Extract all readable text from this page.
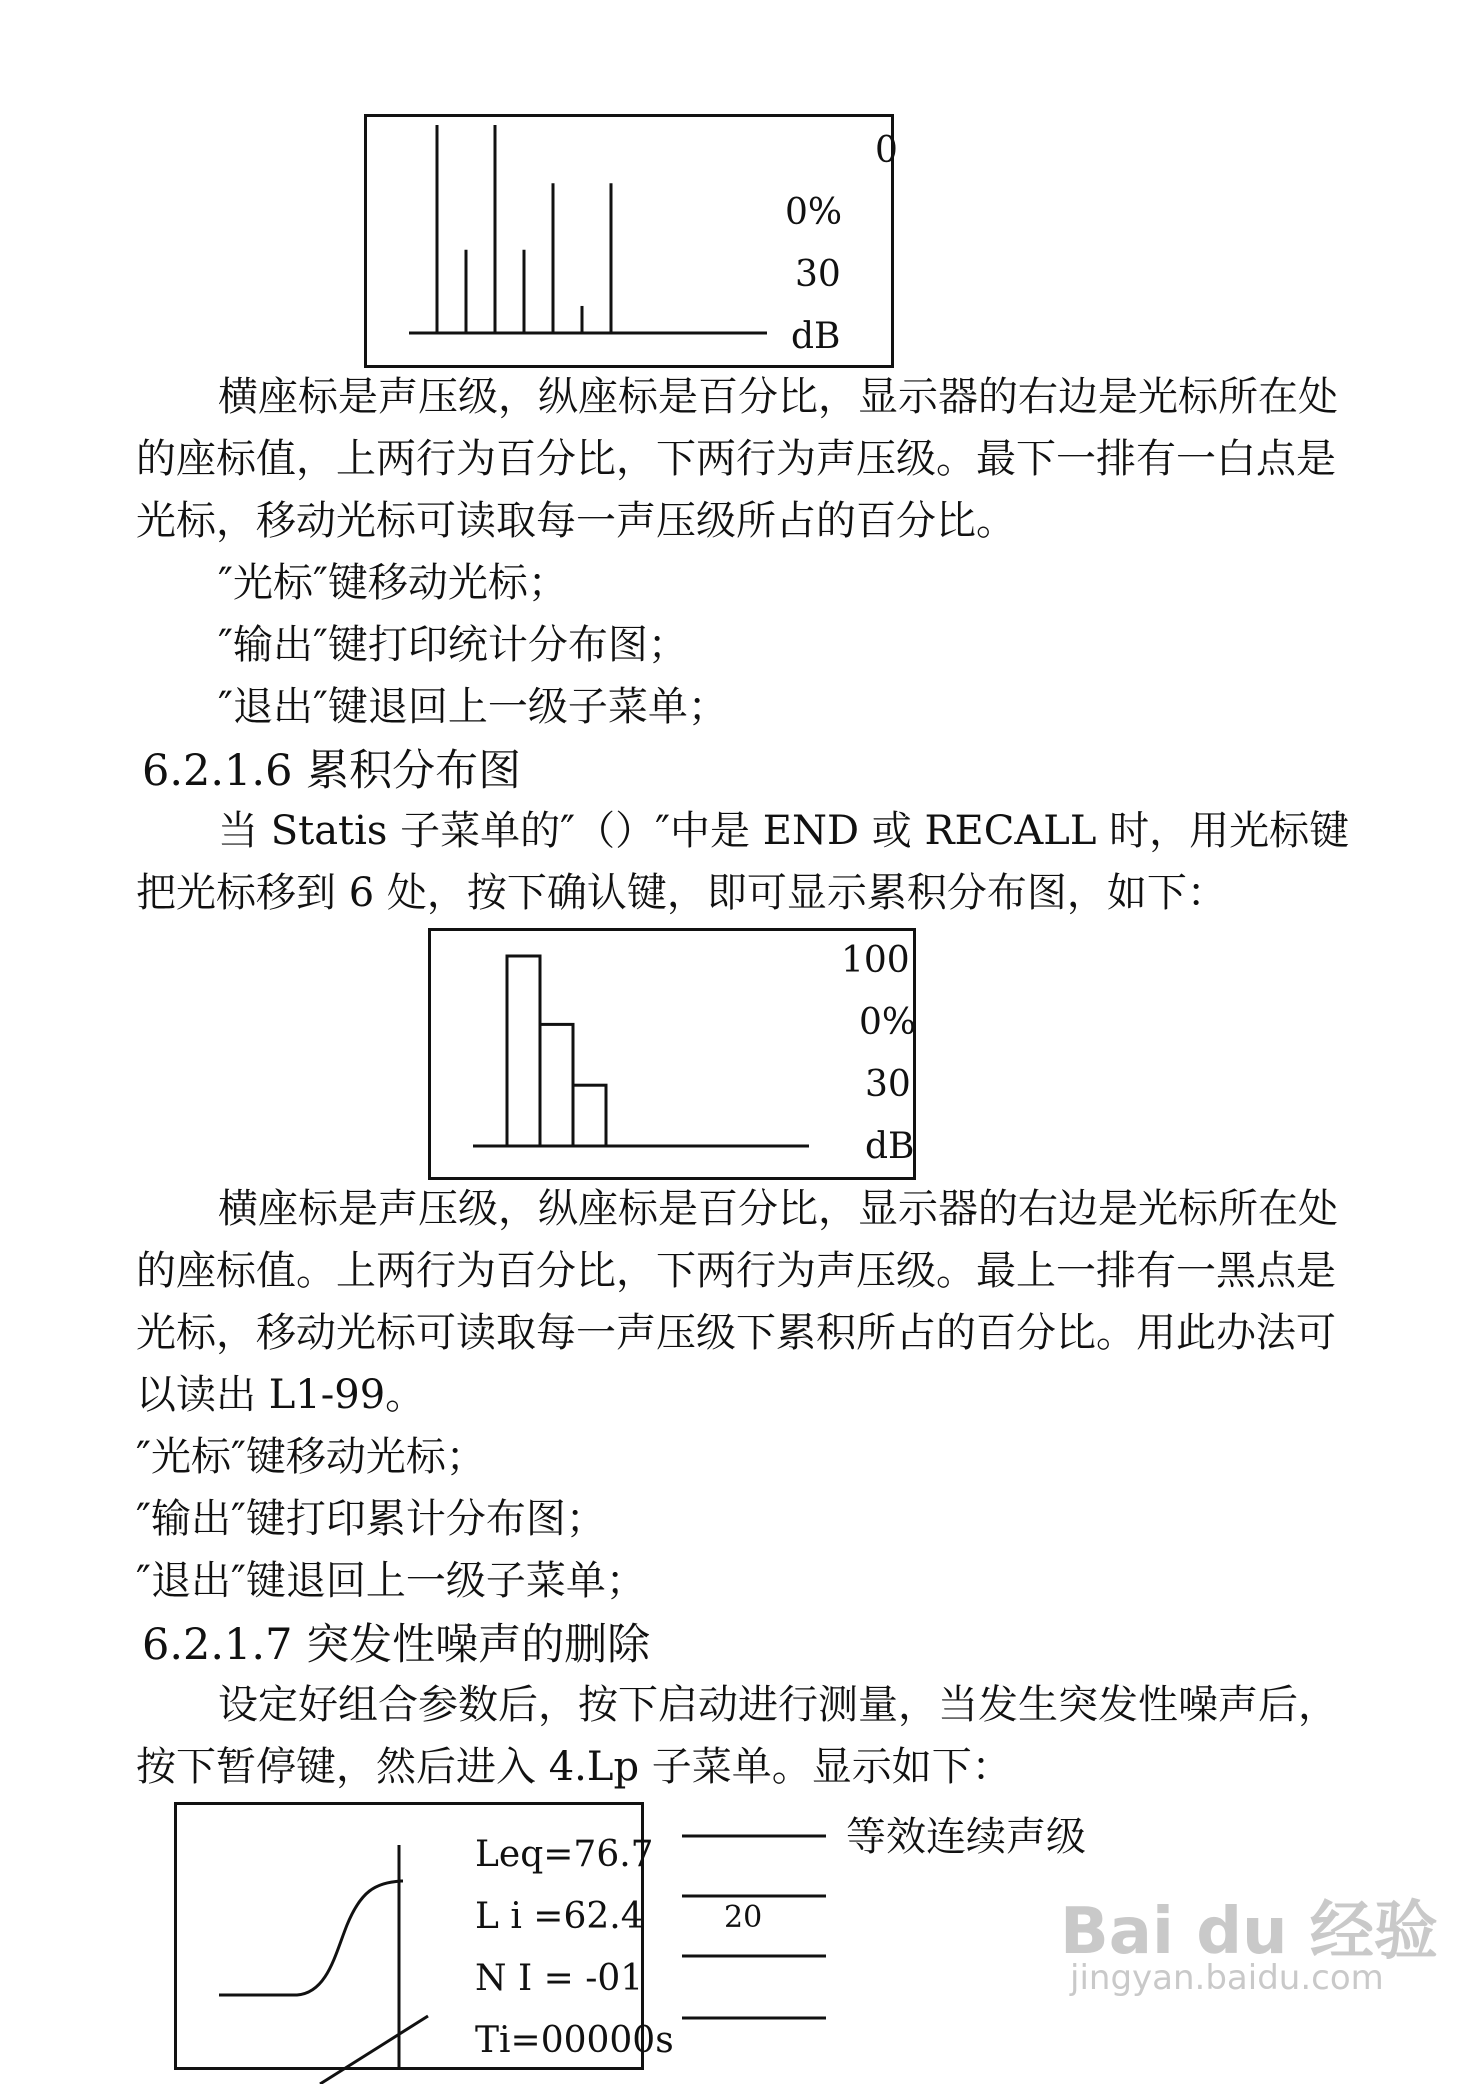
0
0%
30
dB
横座标是声压级，纵座标是百分比，显示器的右边是光标所在处的座标值，上两行为百分比，下两行为声压级。最下一排有一白点是光标，移动光标可读取每一声压级所占的百分比。
″光标″键移动光标；
″输出″键打印统计分布图；
″退出″键退回上一级子菜单；
6.2.1.6 累积分布图
当 Statis 子菜单的″（）″中是 END 或 RECALL 时，用光标键把光标移到 6 处，按下确认键，即可显示累积分布图，如下：
100
0%
30
dB
横座标是声压级，纵座标是百分比，显示器的右边是光标所在处的座标值。上两行为百分比，下两行为声压级。最上一排有一黑点是光标，移动光标可读取每一声压级下累积所占的百分比。用此办法可以读出 L1-99。
″光标″键移动光标；
″输出″键打印累计分布图；
″退出″键退回上一级子菜单；
6.2.1.7 突发性噪声的删除
设定好组合参数后，按下启动进行测量，当发生突发性噪声后，按下暂停键，然后进入 4.Lp 子菜单。显示如下：
Leq=76.7
L i =62.4
N I = -01
Ti=00000s
等效连续声级
20	Bai du 经验
jingyan.baidu.com
